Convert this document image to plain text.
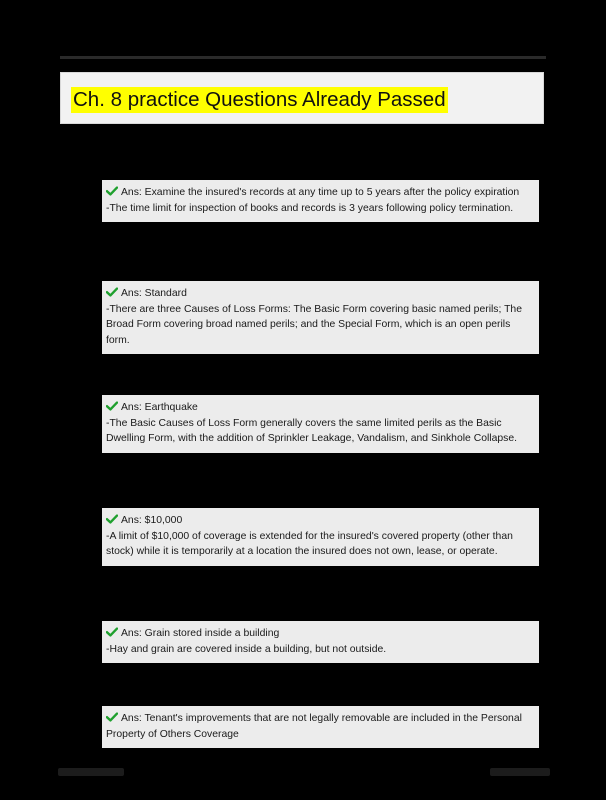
Ch. 8 practice Questions Already Passed
Ans: Examine the insured's records at any time up to 5 years after the policy expiration
-The time limit for inspection of books and records is 3 years following policy termination.
Ans: Standard
-There are three Causes of Loss Forms: The Basic Form covering basic named perils; The Broad Form covering broad named perils; and the Special Form, which is an open perils form.
Ans: Earthquake
-The Basic Causes of Loss Form generally covers the same limited perils as the Basic Dwelling Form, with the addition of Sprinkler Leakage, Vandalism, and Sinkhole Collapse.
Ans: $10,000
-A limit of $10,000 of coverage is extended for the insured's covered property (other than stock) while it is temporarily at a location the insured does not own, lease, or operate.
Ans: Grain stored inside a building
-Hay and grain are covered inside a building, but not outside.
Ans: Tenant's improvements that are not legally removable are included in the Personal Property of Others Coverage
